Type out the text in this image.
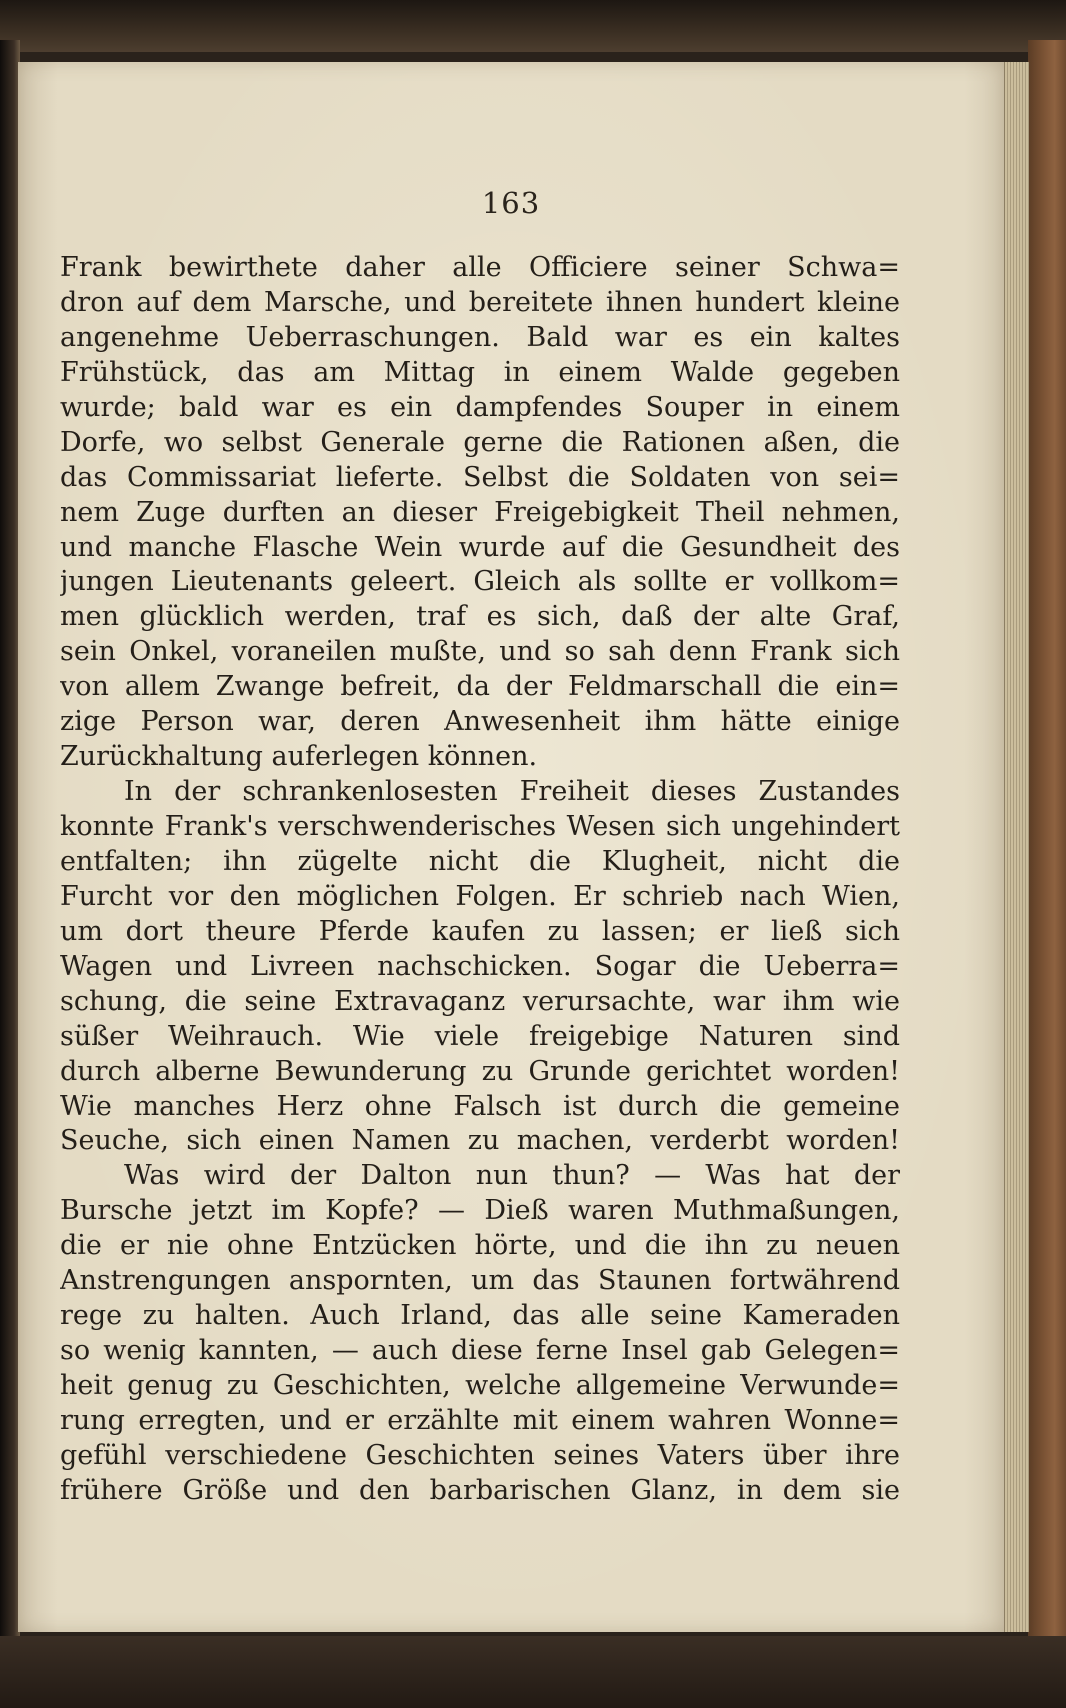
163
Frank bewirthete daher alle Officiere seiner Schwa=
dron auf dem Marsche, und bereitete ihnen hundert kleine
angenehme Ueberraschungen. Bald war es ein kaltes
Frühstück, das am Mittag in einem Walde gegeben
wurde; bald war es ein dampfendes Souper in einem
Dorfe, wo selbst Generale gerne die Rationen aßen, die
das Commissariat lieferte. Selbst die Soldaten von sei=
nem Zuge durften an dieser Freigebigkeit Theil nehmen,
und manche Flasche Wein wurde auf die Gesundheit des
jungen Lieutenants geleert. Gleich als sollte er vollkom=
men glücklich werden, traf es sich, daß der alte Graf,
sein Onkel, voraneilen mußte, und so sah denn Frank sich
von allem Zwange befreit, da der Feldmarschall die ein=
zige Person war, deren Anwesenheit ihm hätte einige
Zurückhaltung auferlegen können.
In der schrankenlosesten Freiheit dieses Zustandes
konnte Frank's verschwenderisches Wesen sich ungehindert
entfalten; ihn zügelte nicht die Klugheit, nicht die
Furcht vor den möglichen Folgen. Er schrieb nach Wien,
um dort theure Pferde kaufen zu lassen; er ließ sich
Wagen und Livreen nachschicken. Sogar die Ueberra=
schung, die seine Extravaganz verursachte, war ihm wie
süßer Weihrauch. Wie viele freigebige Naturen sind
durch alberne Bewunderung zu Grunde gerichtet worden!
Wie manches Herz ohne Falsch ist durch die gemeine
Seuche, sich einen Namen zu machen, verderbt worden!
Was wird der Dalton nun thun? — Was hat der
Bursche jetzt im Kopfe? — Dieß waren Muthmaßungen,
die er nie ohne Entzücken hörte, und die ihn zu neuen
Anstrengungen anspornten, um das Staunen fortwährend
rege zu halten. Auch Irland, das alle seine Kameraden
so wenig kannten, — auch diese ferne Insel gab Gelegen=
heit genug zu Geschichten, welche allgemeine Verwunde=
rung erregten, und er erzählte mit einem wahren Wonne=
gefühl verschiedene Geschichten seines Vaters über ihre
frühere Größe und den barbarischen Glanz, in dem sie
